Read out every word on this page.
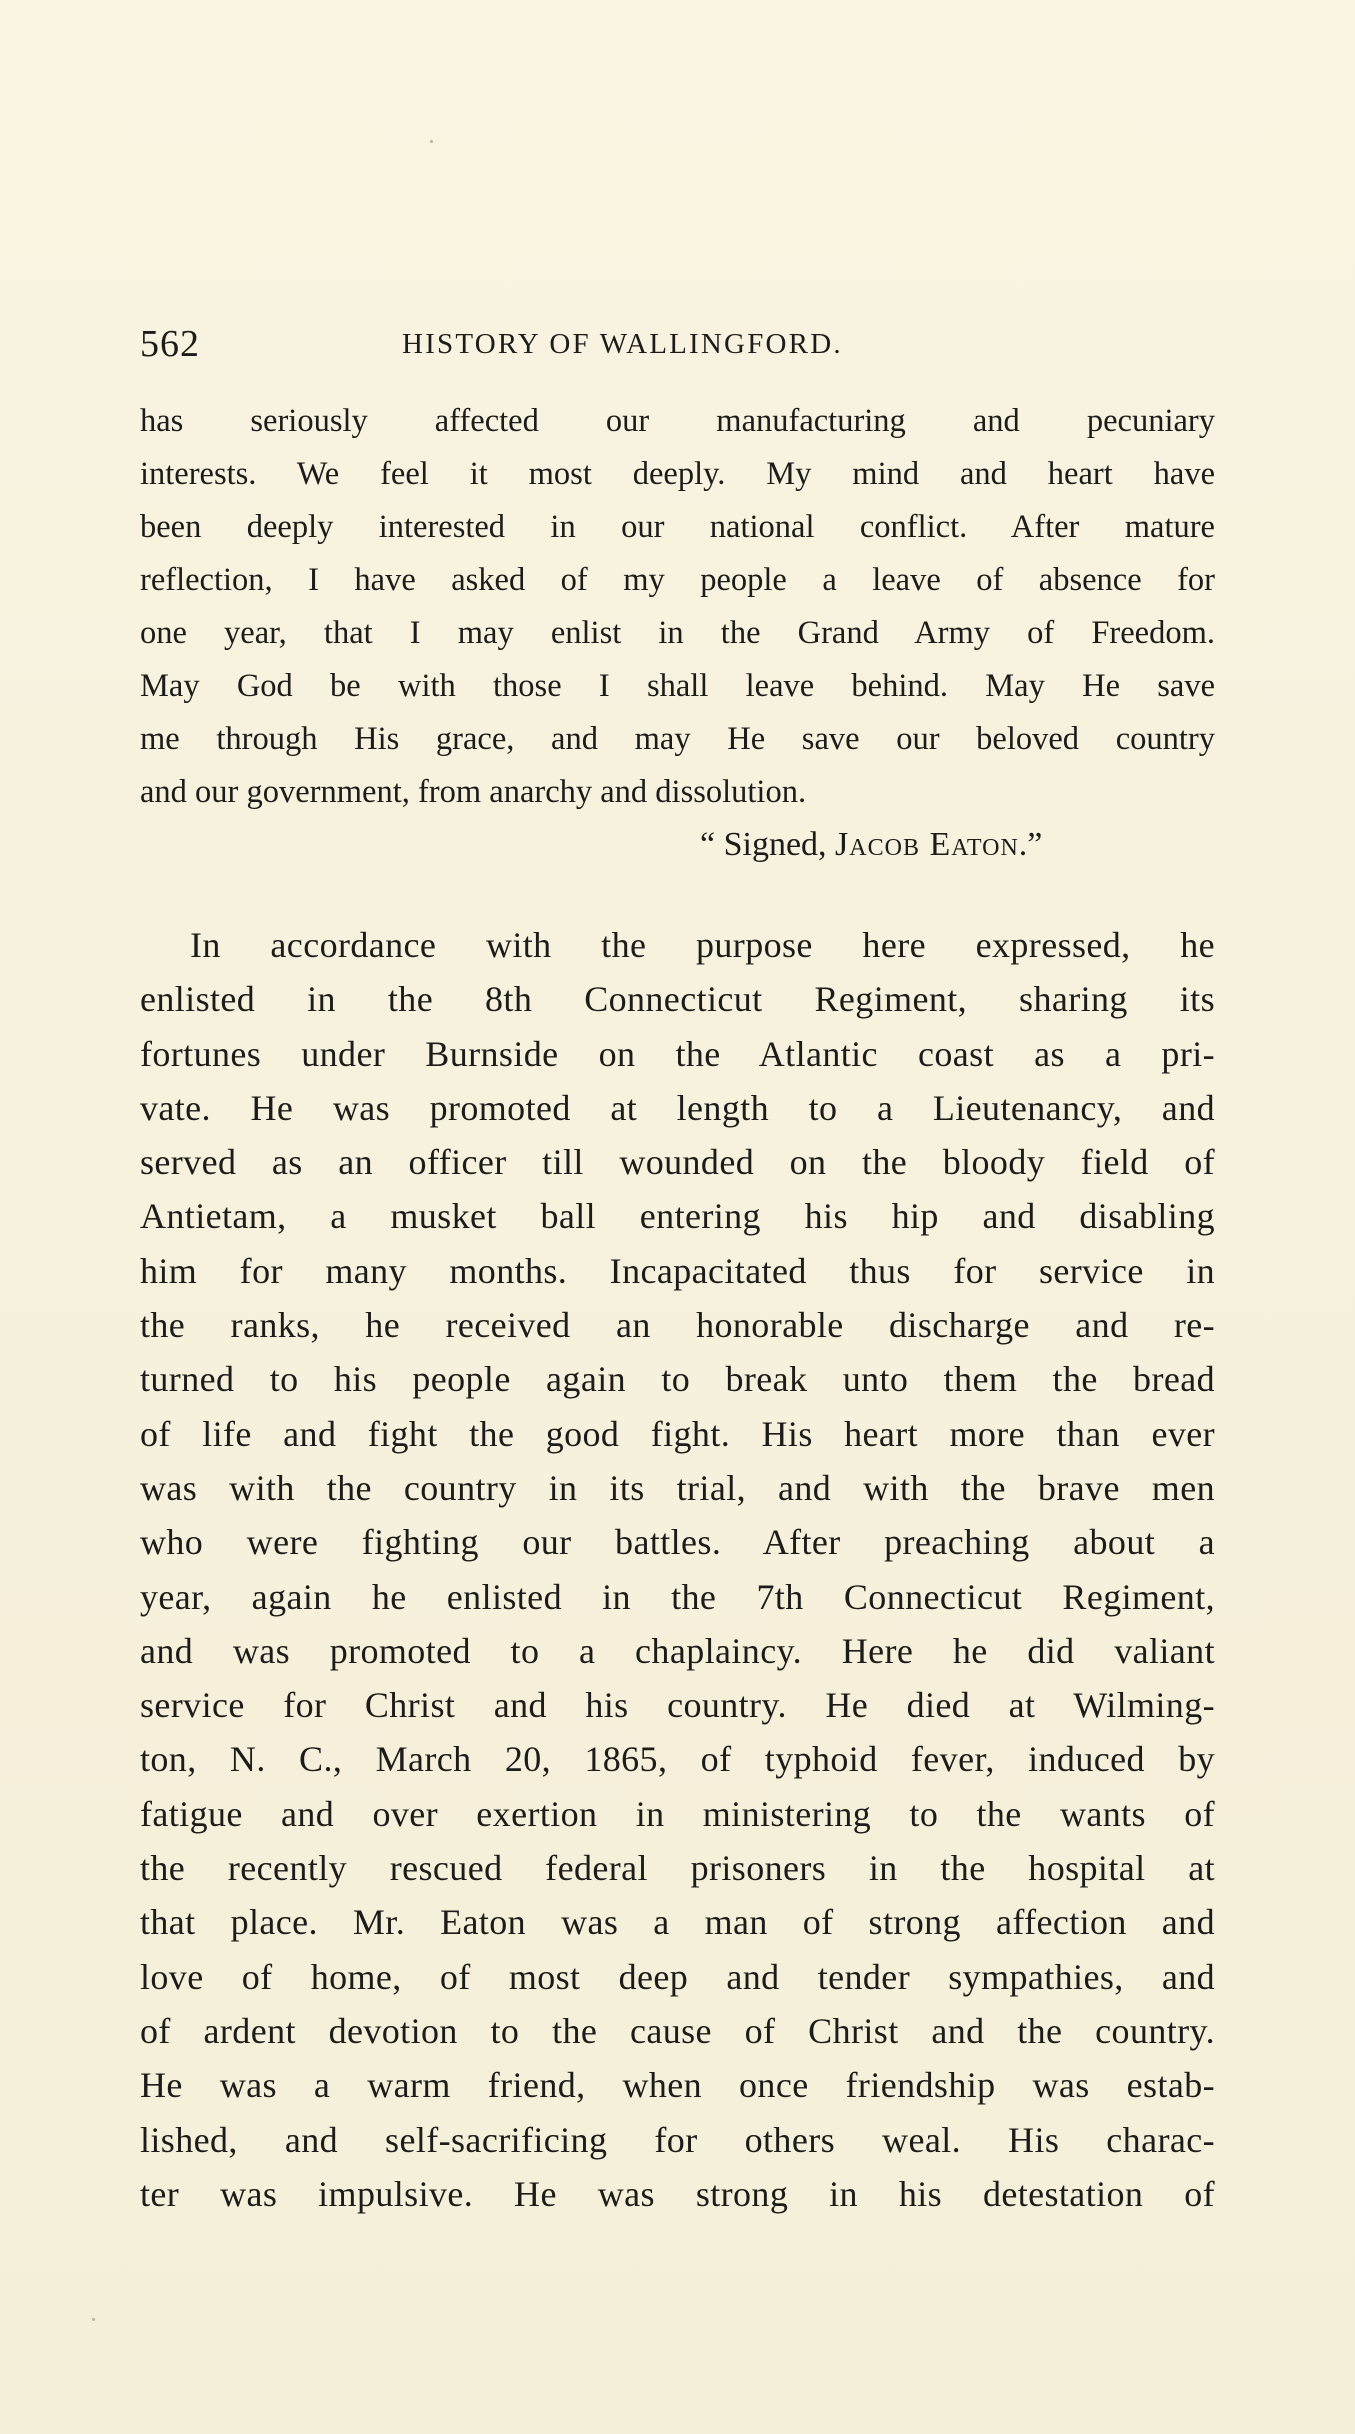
562	HISTORY OF WALLINGFORD.
has seriously affected our manufacturing and pecuniary
interests. We feel it most deeply. My mind and heart have
been deeply interested in our national conflict. After mature
reflection, I have asked of my people a leave of absence for
one year, that I may enlist in the Grand Army of Freedom.
May God be with those I shall leave behind. May He save
me through His grace, and may He save our beloved country
and our government, from anarchy and dissolution.
“ Signed, Jacob Eaton.”
In accordance with the purpose here expressed, he
enlisted in the 8th Connecticut Regiment, sharing its
fortunes under Burnside on the Atlantic coast as a pri-
vate. He was promoted at length to a Lieutenancy, and
served as an officer till wounded on the bloody field of
Antietam, a musket ball entering his hip and disabling
him for many months. Incapacitated thus for service in
the ranks, he received an honorable discharge and re-
turned to his people again to break unto them the bread
of life and fight the good fight. His heart more than ever
was with the country in its trial, and with the brave men
who were fighting our battles. After preaching about a
year, again he enlisted in the 7th Connecticut Regiment,
and was promoted to a chaplaincy. Here he did valiant
service for Christ and his country. He died at Wilming-
ton, N. C., March 20, 1865, of typhoid fever, induced by
fatigue and over exertion in ministering to the wants of
the recently rescued federal prisoners in the hospital at
that place. Mr. Eaton was a man of strong affection and
love of home, of most deep and tender sympathies, and
of ardent devotion to the cause of Christ and the country.
He was a warm friend, when once friendship was estab-
lished, and self-sacrificing for others weal. His charac-
ter was impulsive. He was strong in his detestation of
